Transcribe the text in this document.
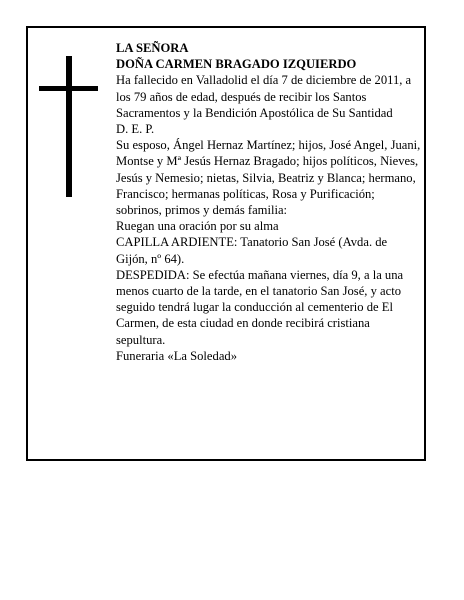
LA SEÑORA

DOÑA CARMEN BRAGADO IZQUIERDO

Ha fallecido en Valladolid el día 7 de diciembre de 2011, a los 79 años de edad, después de recibir los Santos Sacramentos y la Bendición Apostólica de Su Santidad

D. E. P.

Su esposo, Ángel Hernaz Martínez; hijos, José Angel, Juani, Montse y Mª Jesús Hernaz Bragado; hijos políticos, Nieves, Jesús y Nemesio; nietas, Silvia, Beatriz y Blanca; hermano, Francisco; hermanas políticas, Rosa y Purificación; sobrinos, primos y demás familia:

Ruegan una oración por su alma

CAPILLA ARDIENTE: Tanatorio San José (Avda. de Gijón, nº 64).

DESPEDIDA: Se efectúa mañana viernes, día 9, a la una menos cuarto de la tarde, en el tanatorio San José, y acto seguido tendrá lugar la conducción al cementerio de El Carmen, de esta ciudad en donde recibirá cristiana sepultura.

Funeraria «La Soledad»
